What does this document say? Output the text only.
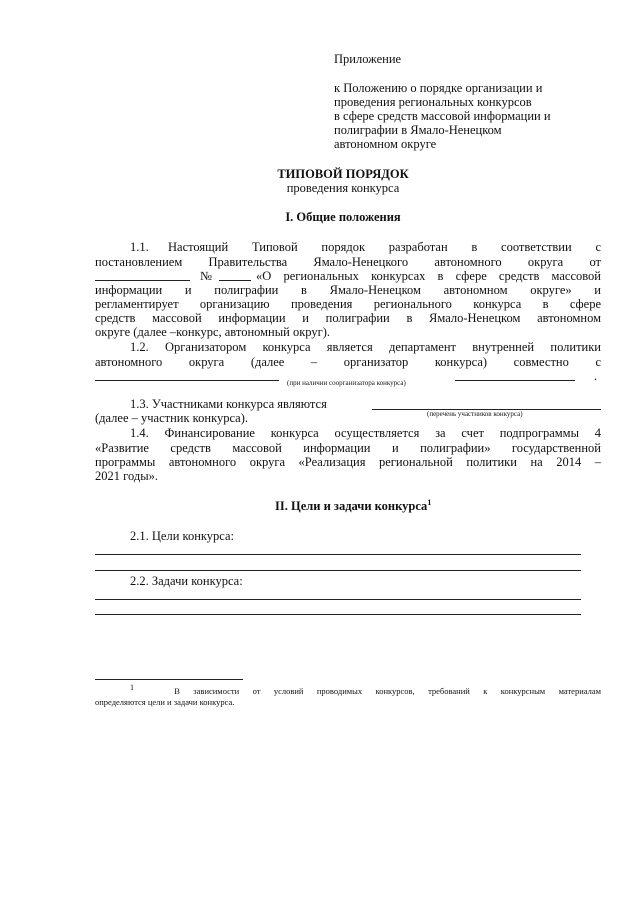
Приложение
к Положению о порядке организации и
проведения региональных конкурсов
в сфере средств массовой информации и
полиграфии в Ямало-Ненецком
автономном округе
ТИПОВОЙ ПОРЯДОК
проведения конкурса
I. Общие положения
1.1. Настоящий Типовой порядок разработан в соответствии с
постановлением Правительства Ямало-Ненецкого автономного округа от
№	«О региональных конкурсах в сфере средств массовой
информации и полиграфии в Ямало-Ненецком автономном округе» и
регламентирует организацию проведения регионального конкурса в сфере
средств массовой информации и полиграфии в Ямало-Ненецком автономном
округе (далее –конкурс, автономный округ).
1.2. Организатором конкурса является департамент внутренней политики
автономного округа (далее – организатор конкурса) совместно с
.
(при наличии соорганизатора конкурса)
1.3. Участниками конкурса являются
(перечень участников конкурса)
(далее – участник конкурса).
1.4. Финансирование конкурса осуществляется за счет подпрограммы 4
«Развитие средств массовой информации и полиграфии» государственной
программы автономного округа «Реализация региональной политики на 2014 –
2021 годы».
II. Цели и задачи конкурса$^1$
2.1. Цели конкурса:
2.2. Задачи конкурса:
$^1$	В зависимости от условий проводимых конкурсов, требований к конкурсным материалам
определяются цели и задачи конкурса.
